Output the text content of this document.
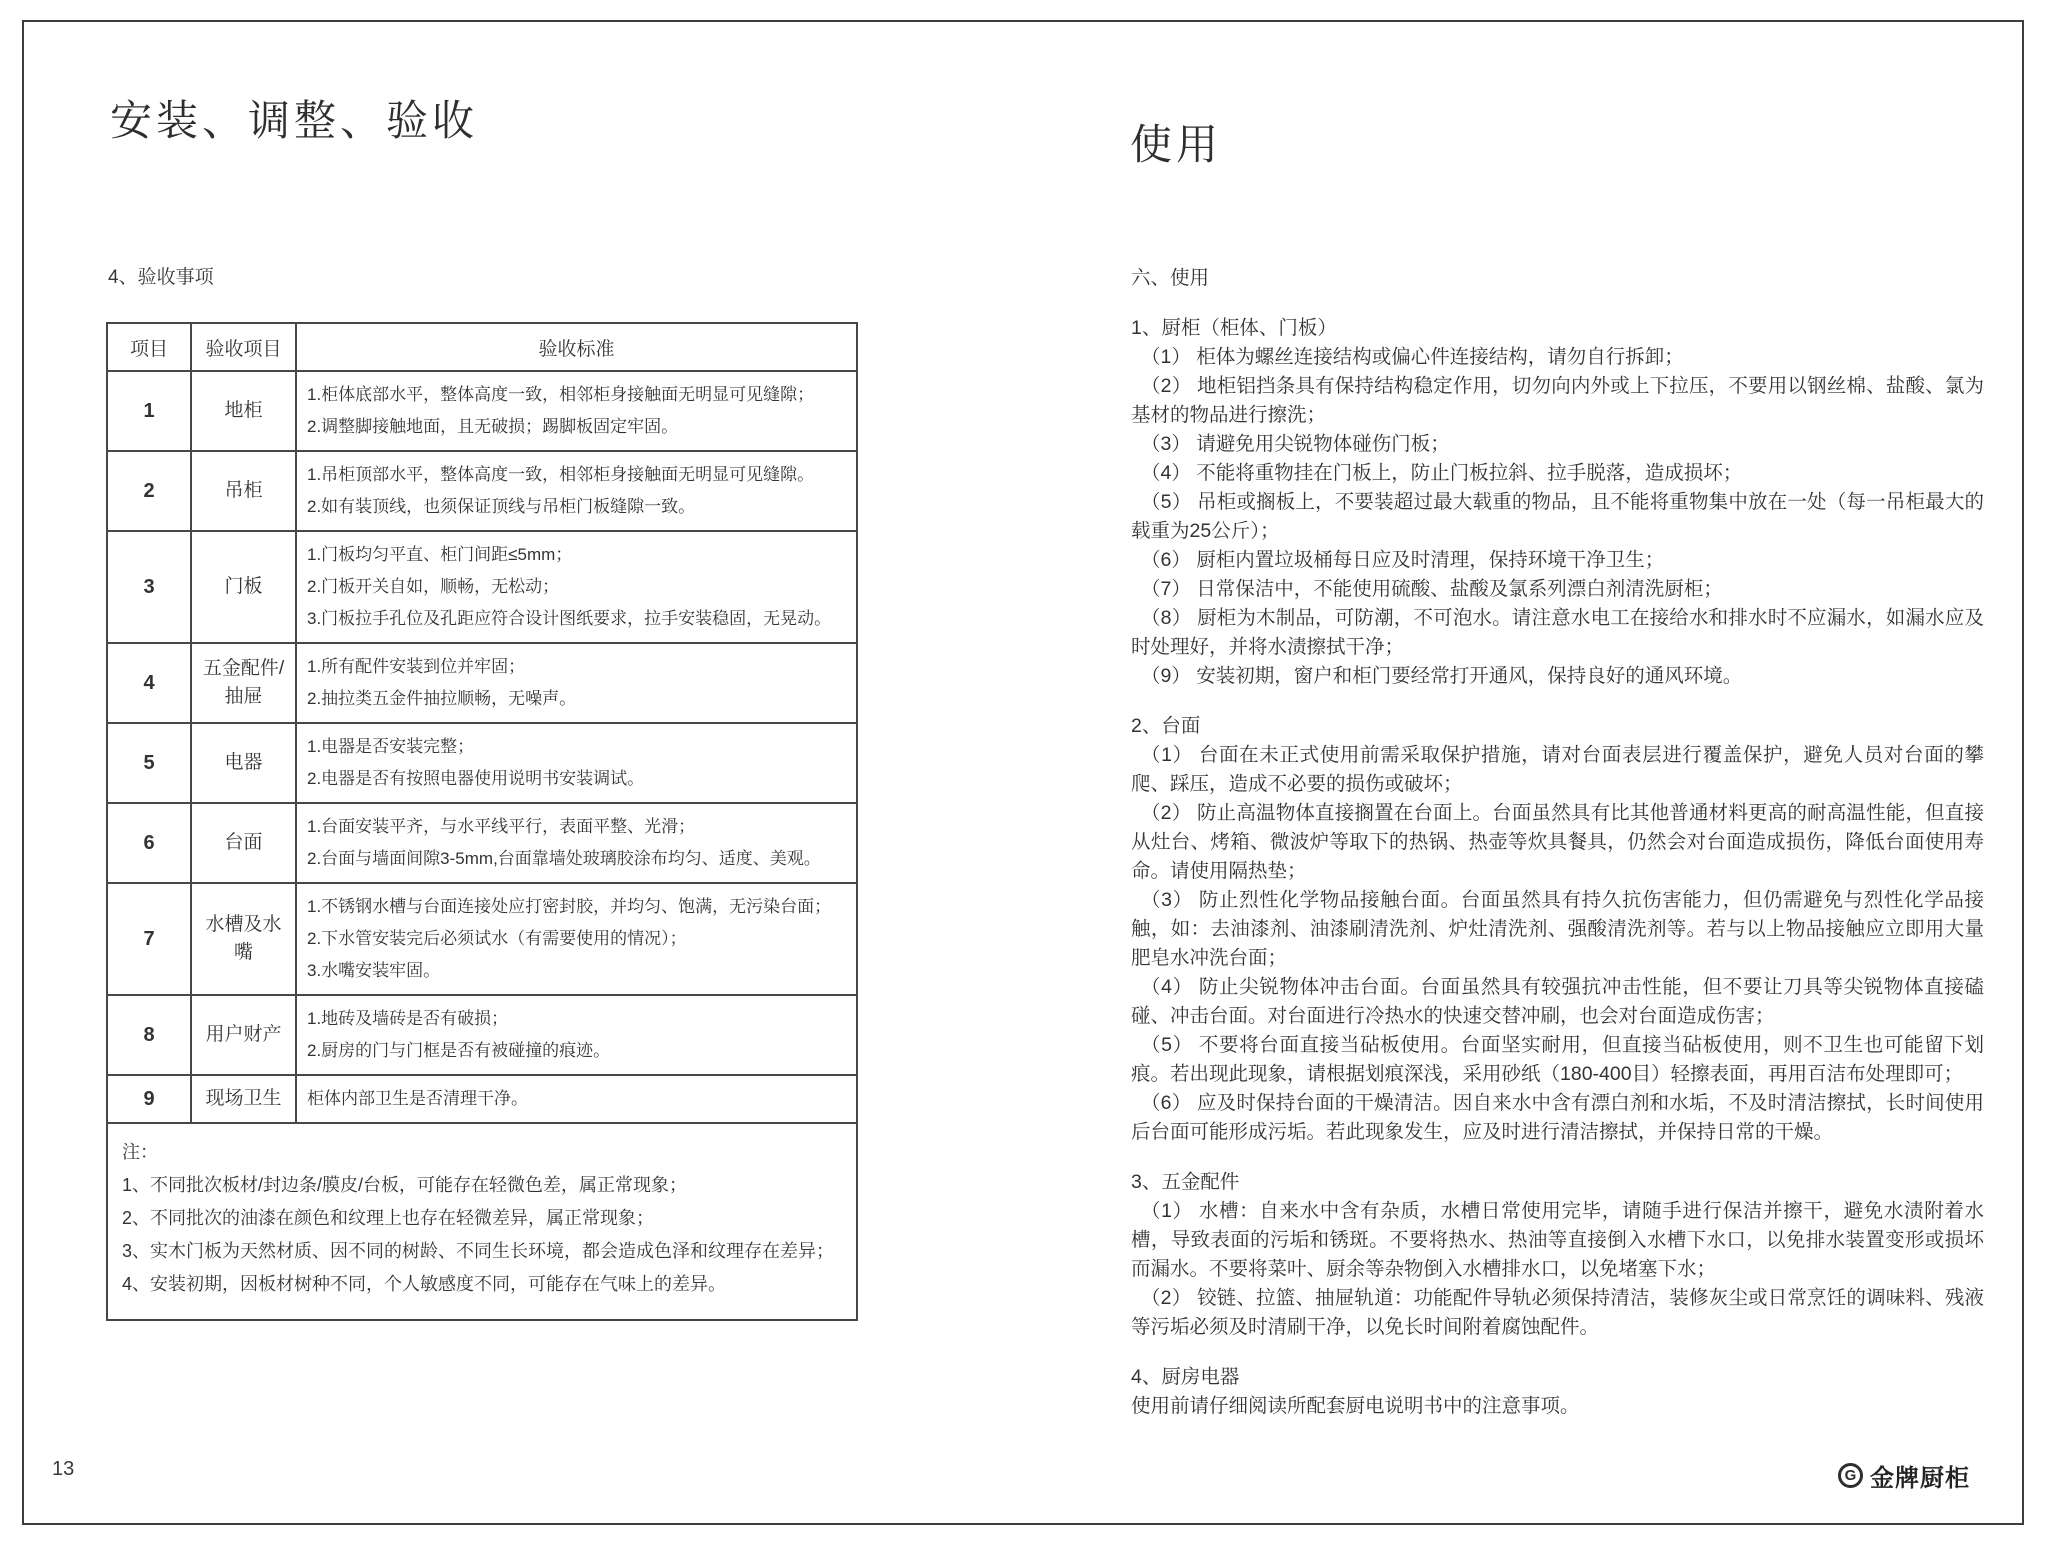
安装、调整、验收
4、验收事项
项目	验收项目	验收标准
1	地柜	1.柜体底部水平，整体高度一致，相邻柜身接触面无明显可见缝隙；
2.调整脚接触地面，且无破损；踢脚板固定牢固。

2	吊柜	1.吊柜顶部水平，整体高度一致，相邻柜身接触面无明显可见缝隙。
2.如有装顶线，也须保证顶线与吊柜门板缝隙一致。

3	门板	1.门板均匀平直、柜门间距≤5mm；
2.门板开关自如，顺畅，无松动；
3.门板拉手孔位及孔距应符合设计图纸要求，拉手安装稳固，无晃动。

4	五金配件/抽屉	1.所有配件安装到位并牢固；
2.抽拉类五金件抽拉顺畅，无噪声。

5	电器	1.电器是否安装完整；
2.电器是否有按照电器使用说明书安装调试。

6	台面	1.台面安装平齐，与水平线平行，表面平整、光滑；
2.台面与墙面间隙3-5mm,台面靠墙处玻璃胶涂布均匀、适度、美观。

7	水槽及水嘴	1.不锈钢水槽与台面连接处应打密封胶，并均匀、饱满，无污染台面；
2.下水管安装完后必须试水（有需要使用的情况）；
3.水嘴安装牢固。

8	用户财产	1.地砖及墙砖是否有破损；
2.厨房的门与门框是否有被碰撞的痕迹。

9	现场卫生	柜体内部卫生是否清理干净。

注：
1、不同批次板材/封边条/膜皮/台板，可能存在轻微色差，属正常现象；
2、不同批次的油漆在颜色和纹理上也存在轻微差异，属正常现象；
3、实木门板为天然材质、因不同的树龄、不同生长环境，都会造成色泽和纹理存在差异；
4、安装初期，因板材树种不同，个人敏感度不同，可能存在气味上的差异。		
使用

六、使用

1、厨柜（柜体、门板）

（1） 柜体为螺丝连接结构或偏心件连接结构，请勿自行拆卸；

（2） 地柜铝挡条具有保持结构稳定作用，切勿向内外或上下拉压，不要用以钢丝棉、盐酸、氯为基材的物品进行擦洗；

（3） 请避免用尖锐物体碰伤门板；

（4） 不能将重物挂在门板上，防止门板拉斜、拉手脱落，造成损坏；

（5） 吊柜或搁板上，不要装超过最大载重的物品，且不能将重物集中放在一处（每一吊柜最大的载重为25公斤）；

（6） 厨柜内置垃圾桶每日应及时清理，保持环境干净卫生；

（7） 日常保洁中，不能使用硫酸、盐酸及氯系列漂白剂清洗厨柜；

（8） 厨柜为木制品，可防潮，不可泡水。请注意水电工在接给水和排水时不应漏水，如漏水应及时处理好，并将水渍擦拭干净；

（9） 安装初期，窗户和柜门要经常打开通风，保持良好的通风环境。

2、台面

（1） 台面在未正式使用前需采取保护措施，请对台面表层进行覆盖保护，避免人员对台面的攀爬、踩压，造成不必要的损伤或破坏；

（2） 防止高温物体直接搁置在台面上。台面虽然具有比其他普通材料更高的耐高温性能，但直接从灶台、烤箱、微波炉等取下的热锅、热壶等炊具餐具，仍然会对台面造成损伤，降低台面使用寿命。请使用隔热垫；

（3） 防止烈性化学物品接触台面。台面虽然具有持久抗伤害能力，但仍需避免与烈性化学品接触，如：去油漆剂、油漆刷清洗剂、炉灶清洗剂、强酸清洗剂等。若与以上物品接触应立即用大量肥皂水冲洗台面；

（4） 防止尖锐物体冲击台面。台面虽然具有较强抗冲击性能，但不要让刀具等尖锐物体直接磕碰、冲击台面。对台面进行冷热水的快速交替冲刷，也会对台面造成伤害；

（5） 不要将台面直接当砧板使用。台面坚实耐用，但直接当砧板使用，则不卫生也可能留下划痕。若出现此现象，请根据划痕深浅，采用砂纸（180-400目）轻擦表面，再用百洁布处理即可；

（6） 应及时保持台面的干燥清洁。因自来水中含有漂白剂和水垢，不及时清洁擦拭，长时间使用后台面可能形成污垢。若此现象发生，应及时进行清洁擦拭，并保持日常的干燥。

3、五金配件

（1） 水槽：自来水中含有杂质，水槽日常使用完毕，请随手进行保洁并擦干，避免水渍附着水槽，导致表面的污垢和锈斑。不要将热水、热油等直接倒入水槽下水口，以免排水装置变形或损坏而漏水。不要将菜叶、厨余等杂物倒入水槽排水口，以免堵塞下水；

（2） 铰链、拉篮、抽屉轨道：功能配件导轨必须保持清洁，装修灰尘或日常烹饪的调味料、残液等污垢必须及时清刷干净，以免长时间附着腐蚀配件。

4、厨房电器

使用前请仔细阅读所配套厨电说明书中的注意事项。

13	G 金牌厨柜
